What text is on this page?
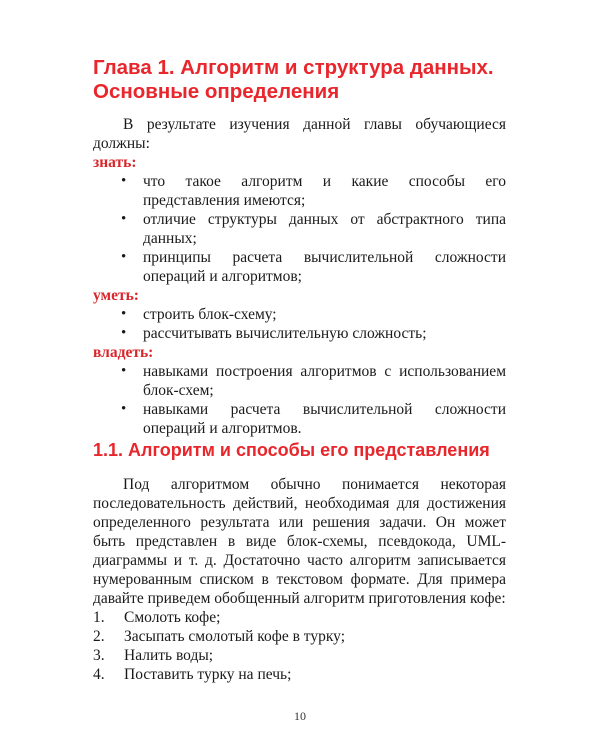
Глава 1. Алгоритм и структура данных. Основные определения

В результате изучения данной главы обучающиеся должны:

знать:
• что такое алгоритм и какие способы его представления имеются;
• отличие структуры данных от абстрактного типа данных;
• принципы расчета вычислительной сложности операций и алгоритмов;
уметь:
• строить блок-схему;
• рассчитывать вычислительную сложность;
владеть:
• навыками построения алгоритмов с использованием блок-схем;
• навыками расчета вычислительной сложности операций и алгоритмов.
1.1. Алгоритм и способы его представления

Под алгоритмом обычно понимается некоторая последовательность действий, необходимая для достижения определенного результата или решения задачи. Он может быть представлен в виде блок-схемы, псевдокода, UML-диаграммы и т. д. Достаточно часто алгоритм записывается нумерованным списком в текстовом формате. Для примера давайте приведем обобщенный алгоритм приготовления кофе:

1. Смолоть кофе;
2. Засыпать смолотый кофе в турку;
3. Налить воды;
4. Поставить турку на печь;
10
